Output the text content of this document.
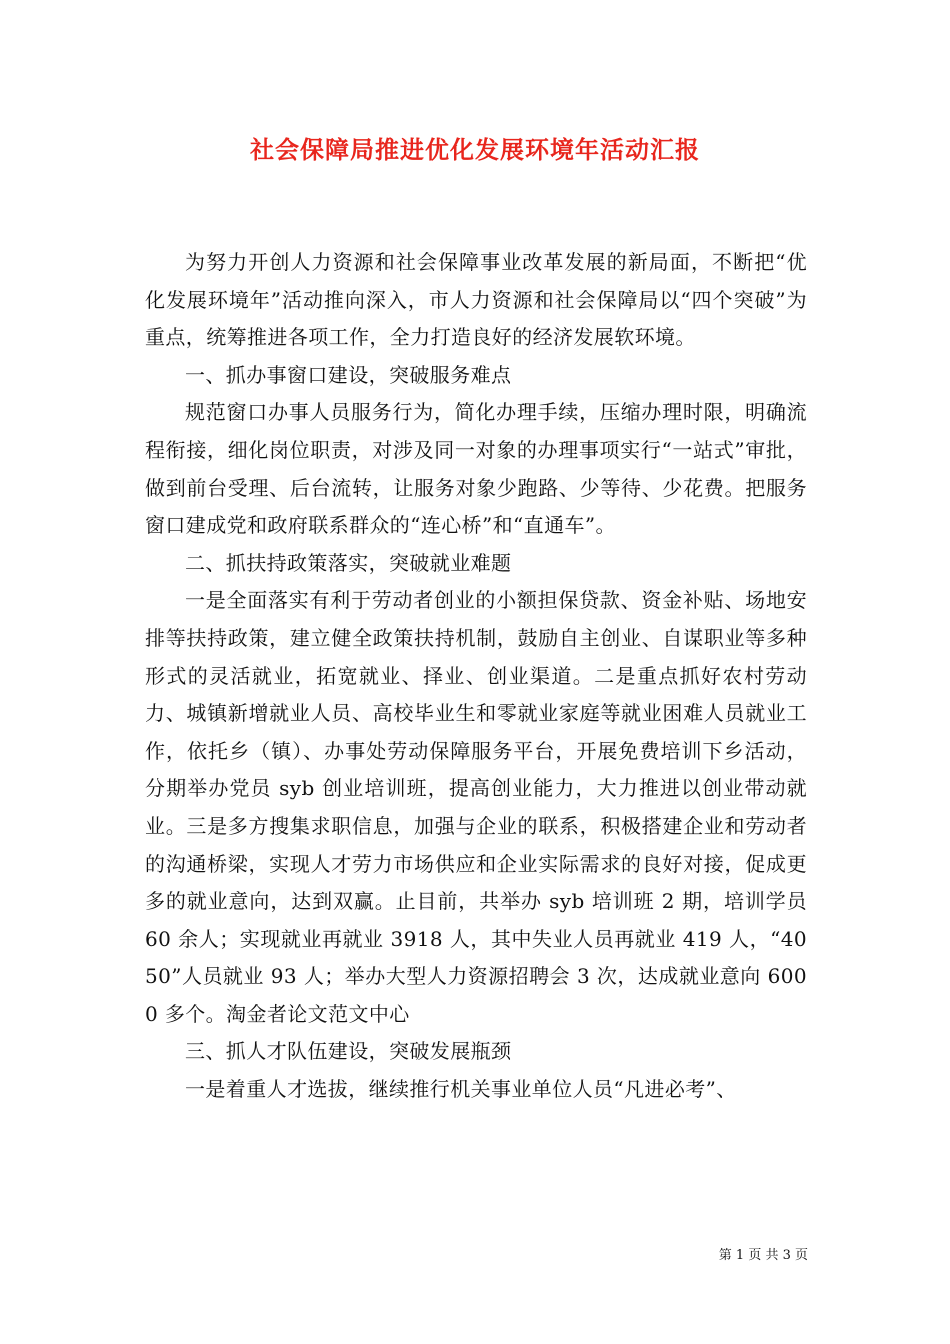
社会保障局推进优化发展环境年活动汇报

为努力开创人力资源和社会保障事业改革发展的新局面，不断把“优化发展环境年”活动推向深入，市人力资源和社会保障局以“四个突破”为重点，统筹推进各项工作，全力打造良好的经济发展软环境。

一、抓办事窗口建设，突破服务难点

规范窗口办事人员服务行为，简化办理手续，压缩办理时限，明确流程衔接，细化岗位职责，对涉及同一对象的办理事项实行“一站式”审批，做到前台受理、后台流转，让服务对象少跑路、少等待、少花费。把服务窗口建成党和政府联系群众的“连心桥”和“直通车”。

二、抓扶持政策落实，突破就业难题

一是全面落实有利于劳动者创业的小额担保贷款、资金补贴、场地安排等扶持政策，建立健全政策扶持机制，鼓励自主创业、自谋职业等多种形式的灵活就业，拓宽就业、择业、创业渠道。二是重点抓好农村劳动力、城镇新增就业人员、高校毕业生和零就业家庭等就业困难人员就业工作，依托乡（镇）、办事处劳动保障服务平台，开展免费培训下乡活动，分期举办党员 syb 创业培训班，提高创业能力，大力推进以创业带动就业。三是多方搜集求职信息，加强与企业的联系，积极搭建企业和劳动者的沟通桥梁，实现人才劳力市场供应和企业实际需求的良好对接，促成更多的就业意向，达到双赢。止目前，共举办 syb 培训班 2 期，培训学员 60 余人；实现就业再就业 3918 人，其中失业人员再就业 419 人，“4050”人员就业 93 人；举办大型人力资源招聘会 3 次，达成就业意向 6000 多个。淘金者论文范文中心

三、抓人才队伍建设，突破发展瓶颈

一是着重人才选拔，继续推行机关事业单位人员“凡进必考”、

第 1 页 共 3 页
